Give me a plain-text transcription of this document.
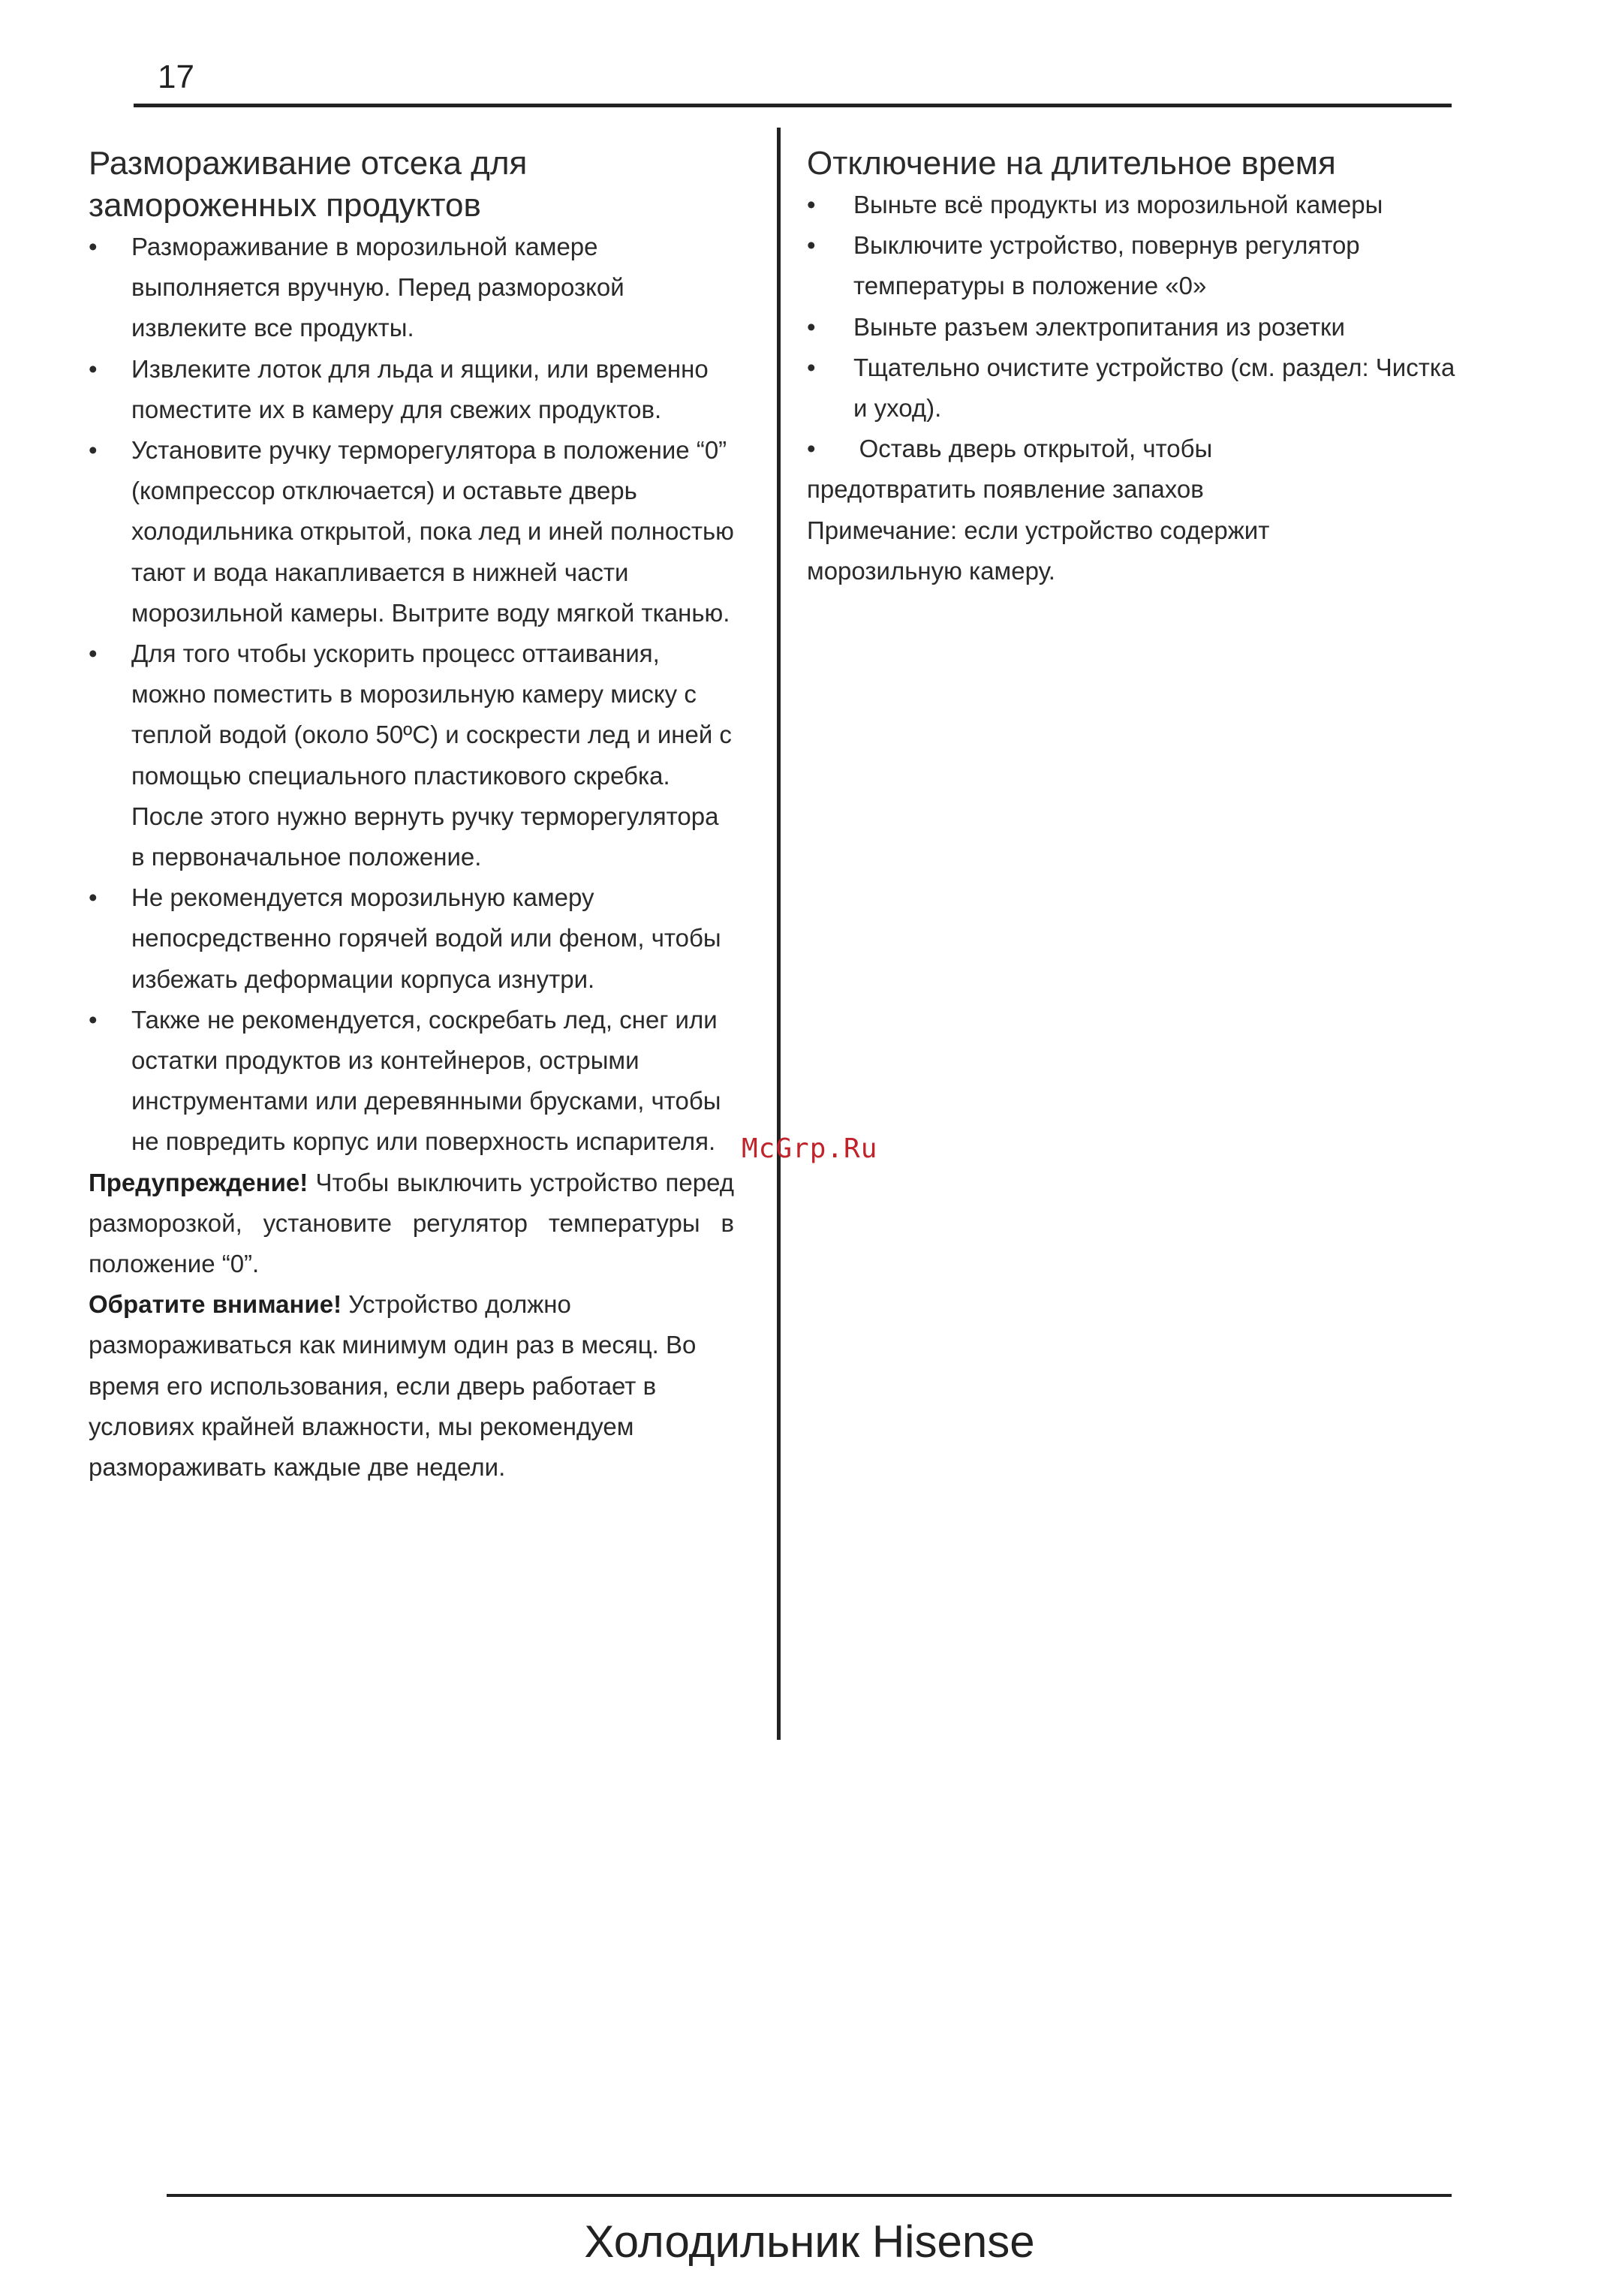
17
Размораживание отсека для замороженных продуктов
•	Размораживание в морозильной камере выполняется вручную. Перед разморозкой извлеките все продукты.
•	Извлеките лоток для льда и ящики, или временно поместите их в камеру для свежих продуктов.
•	Установите ручку терморегулятора в положение “0” (компрессор отключается) и оставьте дверь холодильника открытой, пока лед и иней полностью тают и вода накапливается в нижней части морозильной камеры. Вытрите воду мягкой тканью.
•	Для того чтобы ускорить процесс оттаивания, можно поместить в морозильную камеру миску с теплой водой (около 50ºC) и соскрести лед и иней с помощью специального пластикового скребка. После этого нужно вернуть ручку терморегулятора в первоначальное положение.
•	Не рекомендуется морозильную камеру непосредственно горячей водой или феном, чтобы избежать деформации корпуса изнутри.
•	Также не рекомендуется, соскребать лед, снег или остатки продуктов из контейнеров, острыми инструментами или деревянными брусками, чтобы не повредить корпус или поверхность испарителя.

Предупреждение! Чтобы выключить устройство перед разморозкой, установите регулятор температуры в положение “0”.

Обратите внимание! Устройство должно размораживаться как минимум один раз в месяц. Во время его использования, если дверь работает в условиях крайней влажности, мы рекомендуем размораживать каждые две недели.

Отключение на длительное время
• Выньте всё продукты из морозильной камеры
• Выключите устройство, повернув регулятор температуры в положение «0»
• Выньте разъем электропитания из розетки
• Тщательно очистите устройство (см. раздел: Чистка и уход).

• Оставь дверь открытой, чтобы

предотвратить появление запахов

Примечание: если устройство содержит морозильную камеру.

McGrp.Ru
Холодильник Hisense
